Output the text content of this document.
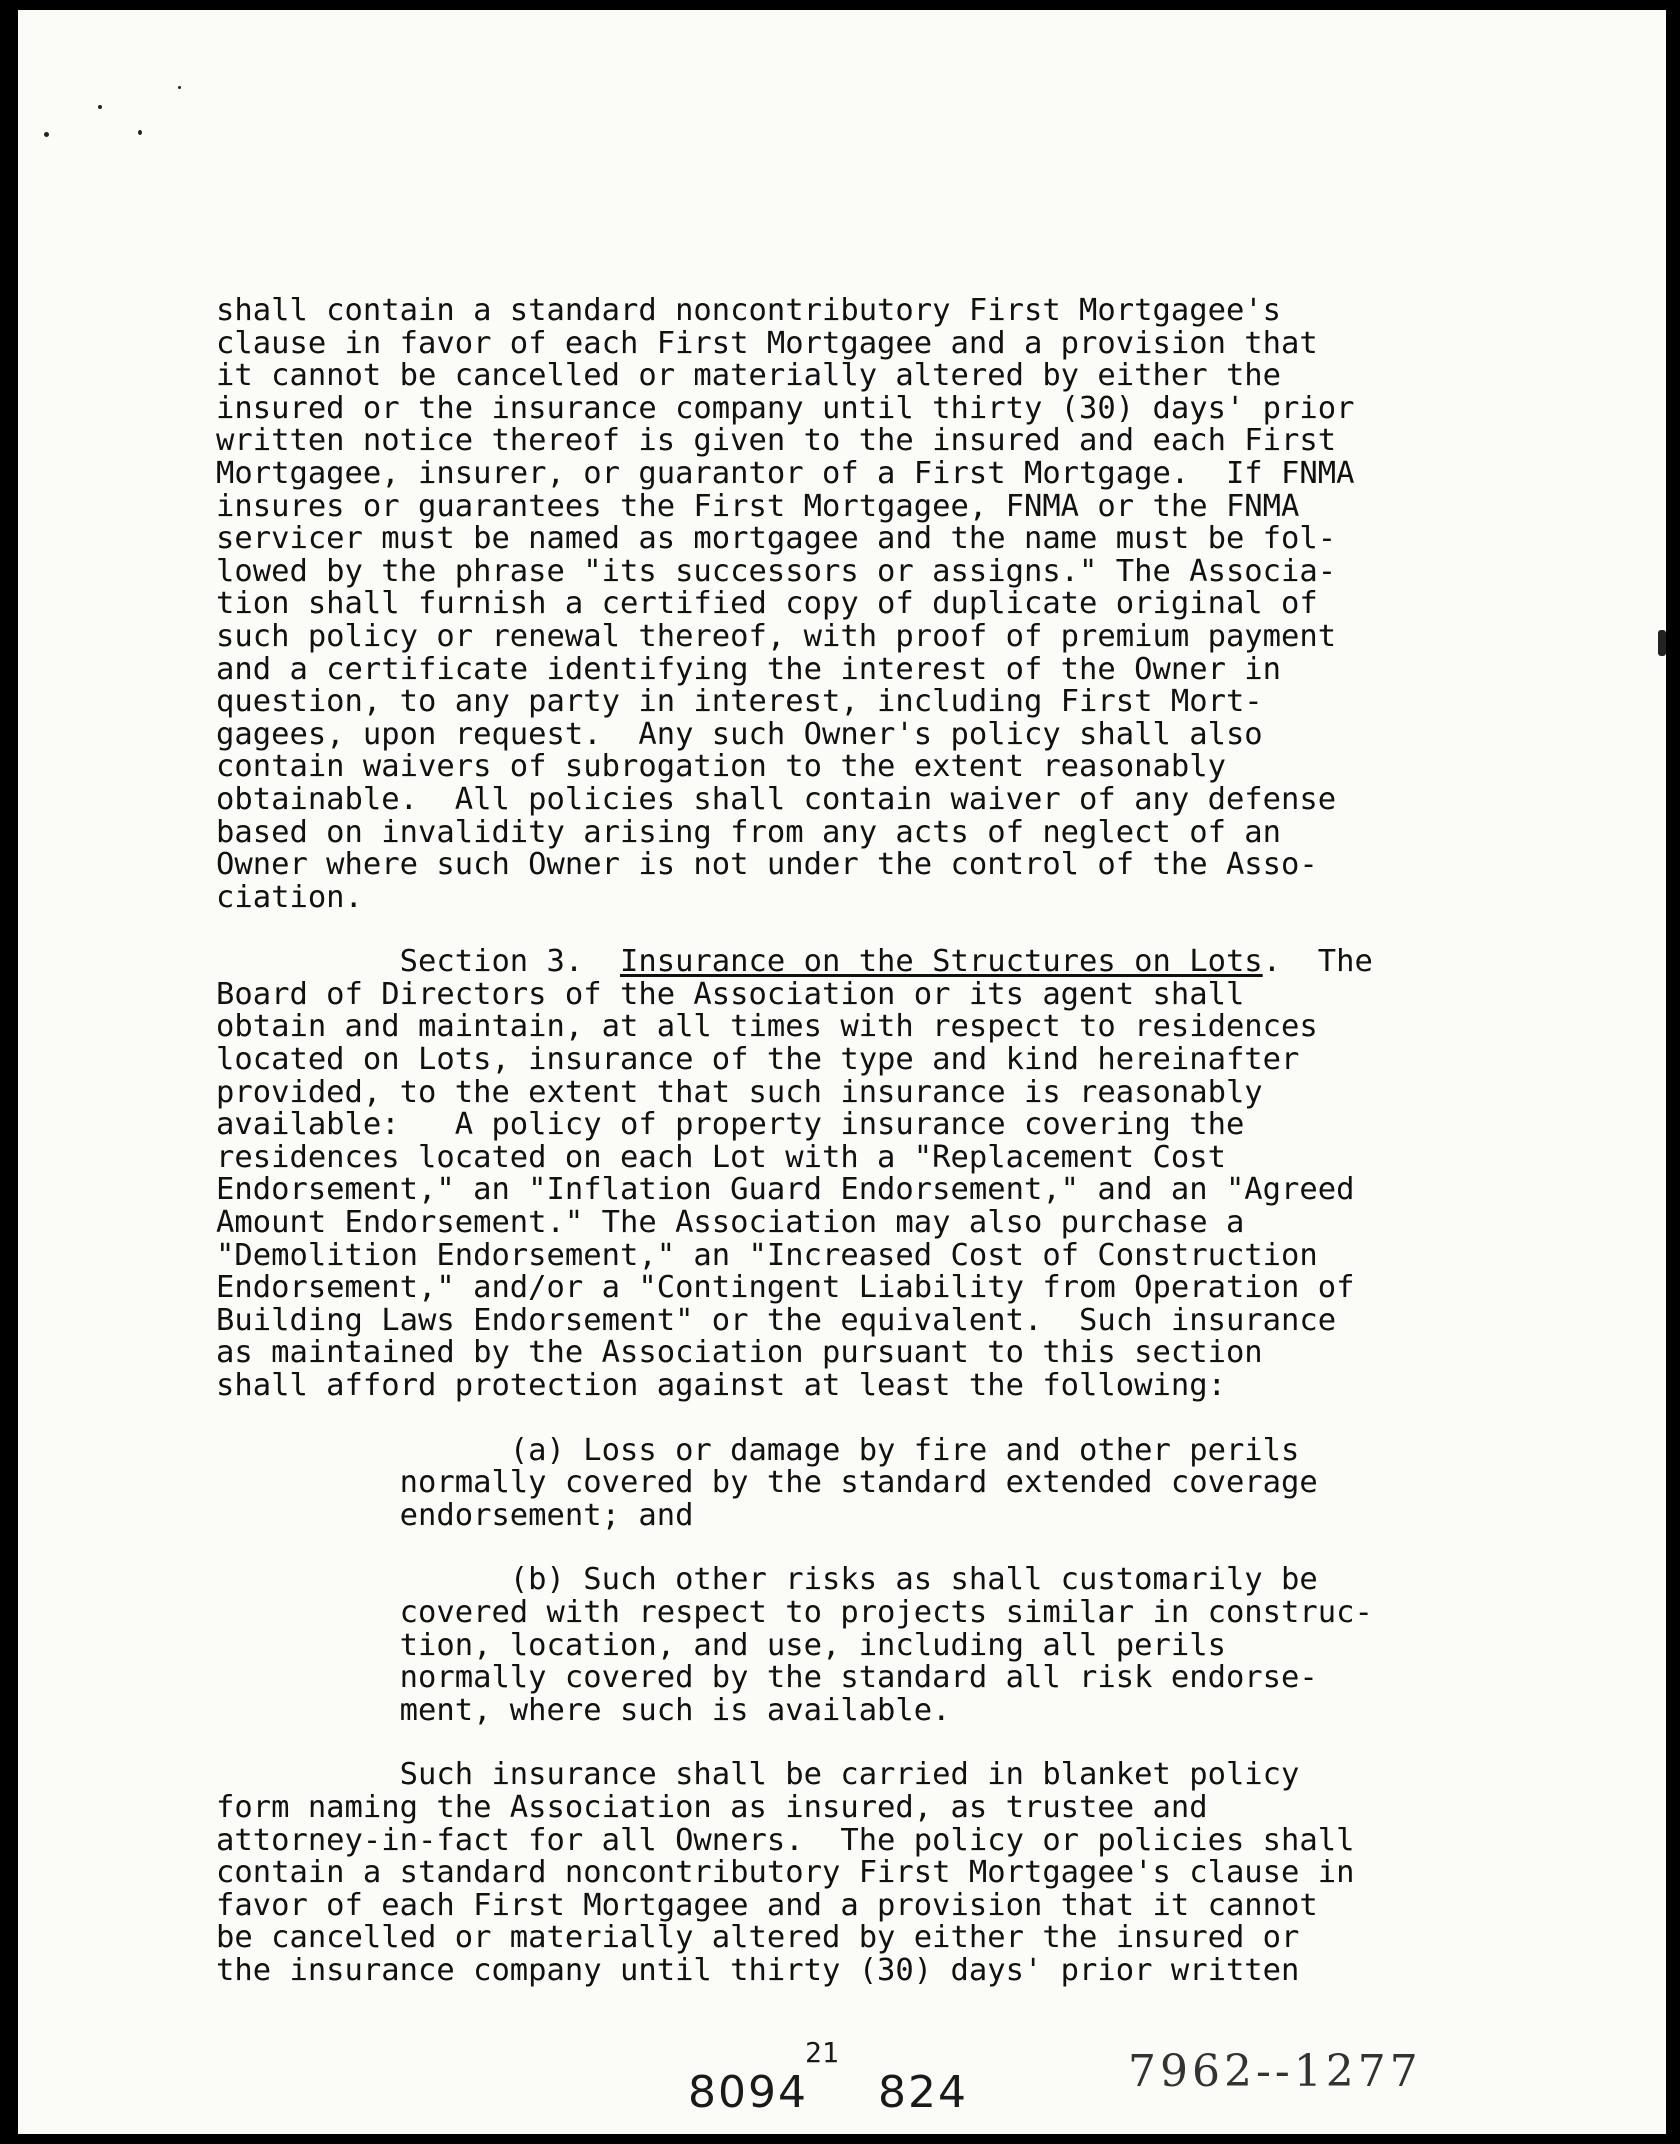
shall contain a standard noncontributory First Mortgagee's

clause in favor of each First Mortgagee and a provision that

it cannot be cancelled or materially altered by either the

insured or the insurance company until thirty (30) days' prior

written notice thereof is given to the insured and each First

Mortgagee, insurer, or guarantor of a First Mortgage.  If FNMA

insures or guarantees the First Mortgagee, FNMA or the FNMA

servicer must be named as mortgagee and the name must be fol-

lowed by the phrase "its successors or assigns." The Associa-

tion shall furnish a certified copy of duplicate original of

such policy or renewal thereof, with proof of premium payment

and a certificate identifying the interest of the Owner in

question, to any party in interest, including First Mort-

gagees, upon request.  Any such Owner's policy shall also

contain waivers of subrogation to the extent reasonably

obtainable.  All policies shall contain waiver of any defense

based on invalidity arising from any acts of neglect of an

Owner where such Owner is not under the control of the Asso-

ciation.

Section 3.  Insurance on the Structures on Lots.  The

Board of Directors of the Association or its agent shall

obtain and maintain, at all times with respect to residences

located on Lots, insurance of the type and kind hereinafter

provided, to the extent that such insurance is reasonably

available:   A policy of property insurance covering the

residences located on each Lot with a "Replacement Cost

Endorsement," an "Inflation Guard Endorsement," and an "Agreed

Amount Endorsement." The Association may also purchase a

"Demolition Endorsement," an "Increased Cost of Construction

Endorsement," and/or a "Contingent Liability from Operation of

Building Laws Endorsement" or the equivalent.  Such insurance

as maintained by the Association pursuant to this section

shall afford protection against at least the following:

(a) Loss or damage by fire and other perils

normally covered by the standard extended coverage

endorsement; and

(b) Such other risks as shall customarily be

covered with respect to projects similar in construc-

tion, location, and use, including all perils

normally covered by the standard all risk endorse-

ment, where such is available.

Such insurance shall be carried in blanket policy

form naming the Association as insured, as trustee and

attorney-in-fact for all Owners.  The policy or policies shall

contain a standard noncontributory First Mortgagee's clause in

favor of each First Mortgagee and a provision that it cannot

be cancelled or materially altered by either the insured or

the insurance company until thirty (30) days' prior written

21
8094 824	7962--1277
